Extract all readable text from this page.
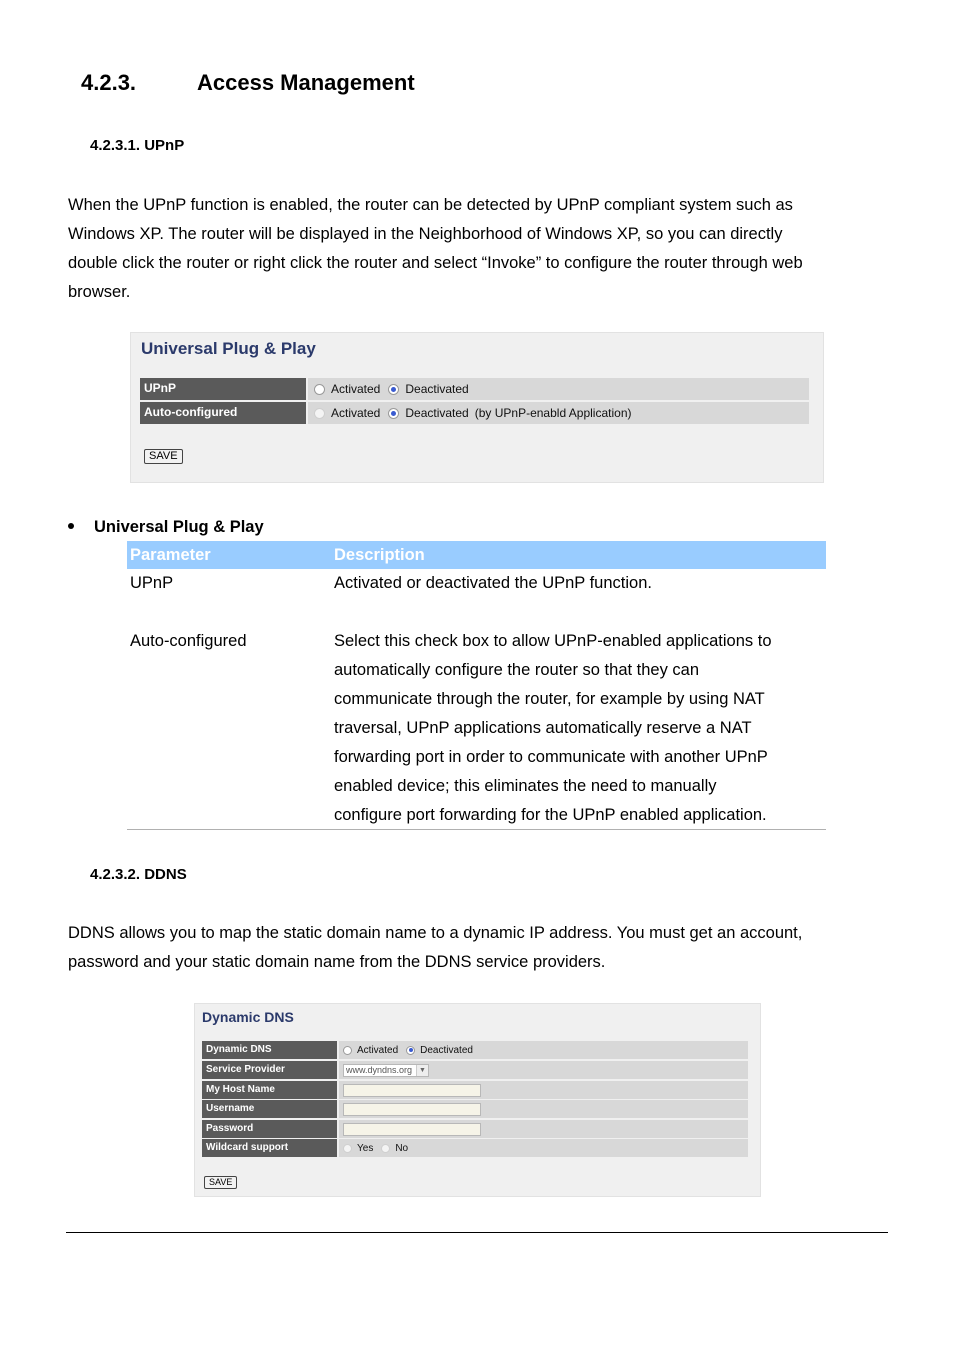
4.2.3.	Access Management
4.2.3.1. UPnP
When the UPnP function is enabled, the router can be detected by UPnP compliant system such as
Windows XP. The router will be displayed in the Neighborhood of Windows XP, so you can directly
double click the router or right click the router and select “Invoke” to configure the router through web
browser.
Universal Plug & Play
UPnP	Activated Deactivated
Auto-configured	Activated Deactivated (by UPnP-enabld Application)
SAVE
Universal Plug & Play
Parameter	Description
UPnP	Activated or deactivated the UPnP function.
Auto-configured	Select this check box to allow UPnP-enabled applications to
automatically configure the router so that they can
communicate through the router, for example by using NAT
traversal, UPnP applications automatically reserve a NAT
forwarding port in order to communicate with another UPnP
enabled device; this eliminates the need to manually
configure port forwarding for the UPnP enabled application.
4.2.3.2. DDNS
DDNS allows you to map the static domain name to a dynamic IP address. You must get an account,
password and your static domain name from the DDNS service providers.
Dynamic DNS
Dynamic DNS	Activated Deactivated
Service Provider	www.dyndns.org ▼
My Host Name
Username
Password
Wildcard support	Yes No
SAVE
